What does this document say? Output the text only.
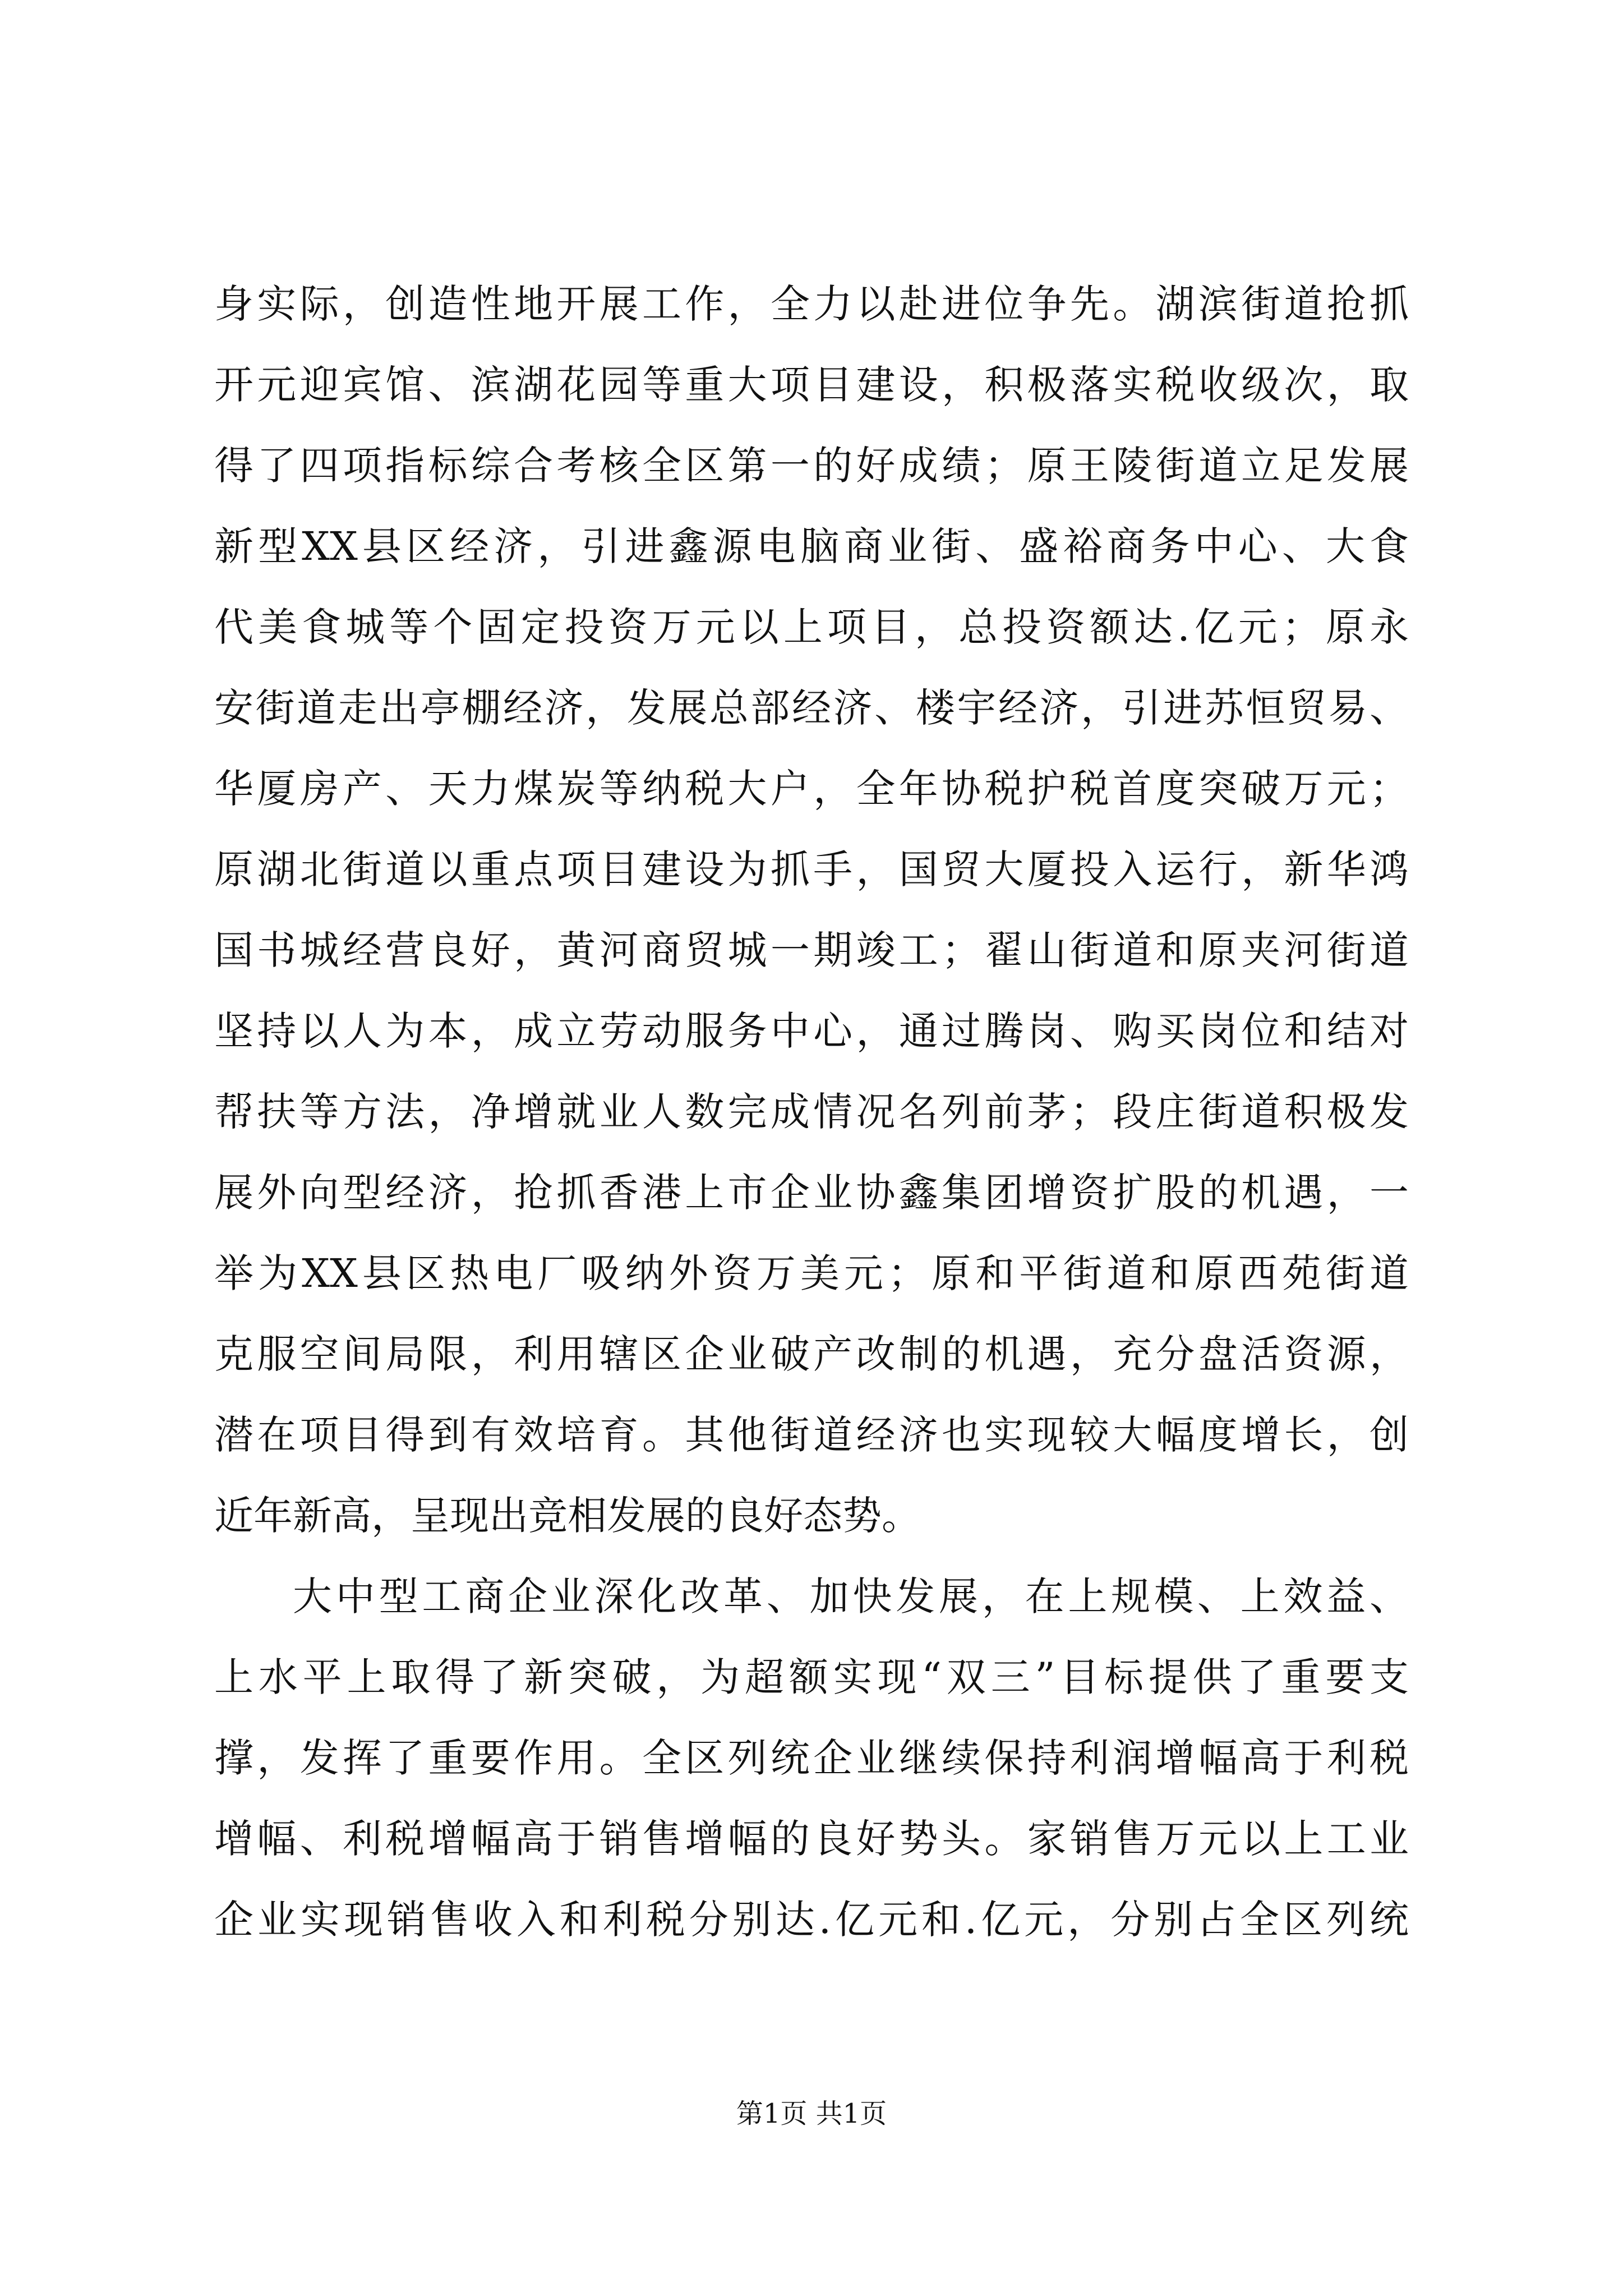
身实际，创造性地开展工作，全力以赴进位争先。湖滨街道抢抓
开元迎宾馆、滨湖花园等重大项目建设，积极落实税收级次，取
得了四项指标综合考核全区第一的好成绩；原王陵街道立足发展
新型XX县区经济，引进鑫源电脑商业街、盛裕商务中心、大食
代美食城等个固定投资万元以上项目，总投资额达.亿元；原永
安街道走出亭棚经济，发展总部经济、楼宇经济，引进苏恒贸易、
华厦房产、天力煤炭等纳税大户，全年协税护税首度突破万元；
原湖北街道以重点项目建设为抓手，国贸大厦投入运行，新华鸿
国书城经营良好，黄河商贸城一期竣工；翟山街道和原夹河街道
坚持以人为本，成立劳动服务中心，通过腾岗、购买岗位和结对
帮扶等方法，净增就业人数完成情况名列前茅；段庄街道积极发
展外向型经济，抢抓香港上市企业协鑫集团增资扩股的机遇，一
举为XX县区热电厂吸纳外资万美元；原和平街道和原西苑街道
克服空间局限，利用辖区企业破产改制的机遇，充分盘活资源，
潜在项目得到有效培育。其他街道经济也实现较大幅度增长，创
近年新高，呈现出竞相发展的良好态势。
大中型工商企业深化改革、加快发展，在上规模、上效益、
上水平上取得了新突破，为超额实现“双三”目标提供了重要支
撑，发挥了重要作用。全区列统企业继续保持利润增幅高于利税
增幅、利税增幅高于销售增幅的良好势头。家销售万元以上工业
企业实现销售收入和利税分别达.亿元和.亿元，分别占全区列统
第1页 共1页
